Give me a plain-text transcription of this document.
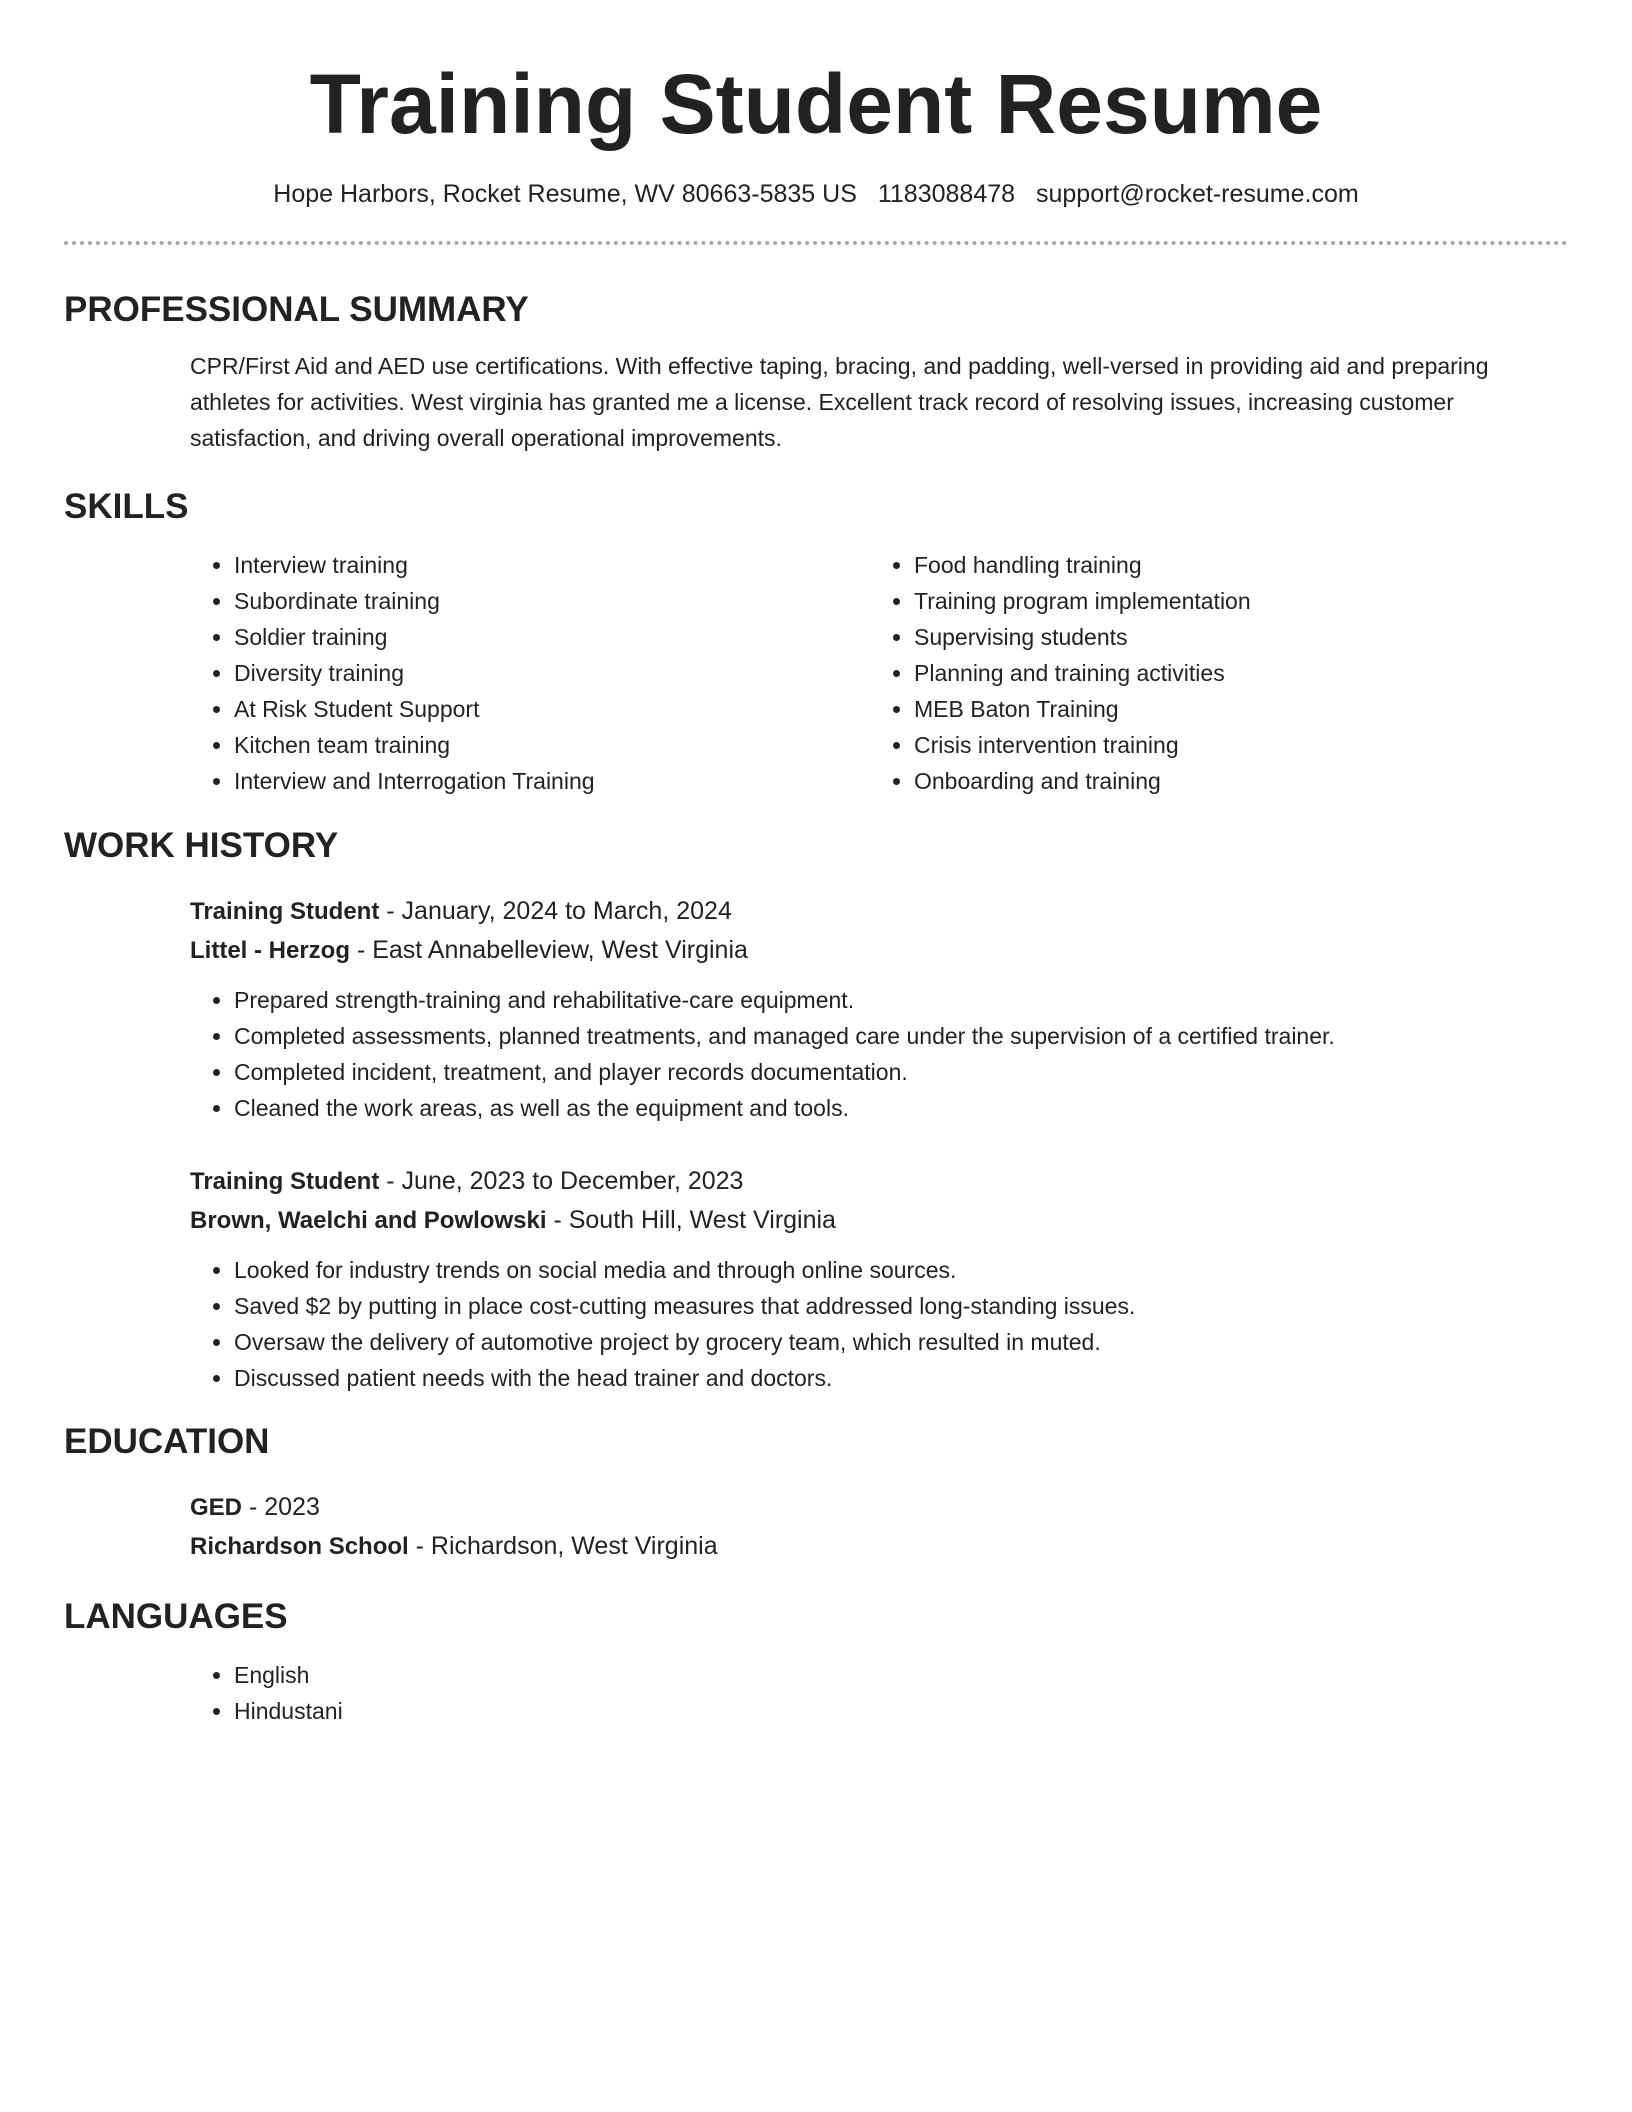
Training Student Resume
Hope Harbors, Rocket Resume, WV 80663-5835 US 1183088478 support@rocket-resume.com
PROFESSIONAL SUMMARY
CPR/First Aid and AED use certifications. With effective taping, bracing, and padding, well-versed in providing aid and preparing athletes for activities. West virginia has granted me a license. Excellent track record of resolving issues, increasing customer satisfaction, and driving overall operational improvements.
SKILLS
• Interview training
• Subordinate training
• Soldier training
• Diversity training
• At Risk Student Support
• Kitchen team training
• Interview and Interrogation Training
• Food handling training
• Training program implementation
• Supervising students
• Planning and training activities
• MEB Baton Training
• Crisis intervention training
• Onboarding and training
WORK HISTORY
Training Student - January, 2024 to March, 2024
Littel - Herzog - East Annabelleview, West Virginia
• Prepared strength-training and rehabilitative-care equipment.
• Completed assessments, planned treatments, and managed care under the supervision of a certified trainer.
• Completed incident, treatment, and player records documentation.
• Cleaned the work areas, as well as the equipment and tools.
Training Student - June, 2023 to December, 2023
Brown, Waelchi and Powlowski - South Hill, West Virginia
• Looked for industry trends on social media and through online sources.
• Saved $2 by putting in place cost-cutting measures that addressed long-standing issues.
• Oversaw the delivery of automotive project by grocery team, which resulted in muted.
• Discussed patient needs with the head trainer and doctors.
EDUCATION
GED - 2023
Richardson School - Richardson, West Virginia
LANGUAGES
• English
• Hindustani
